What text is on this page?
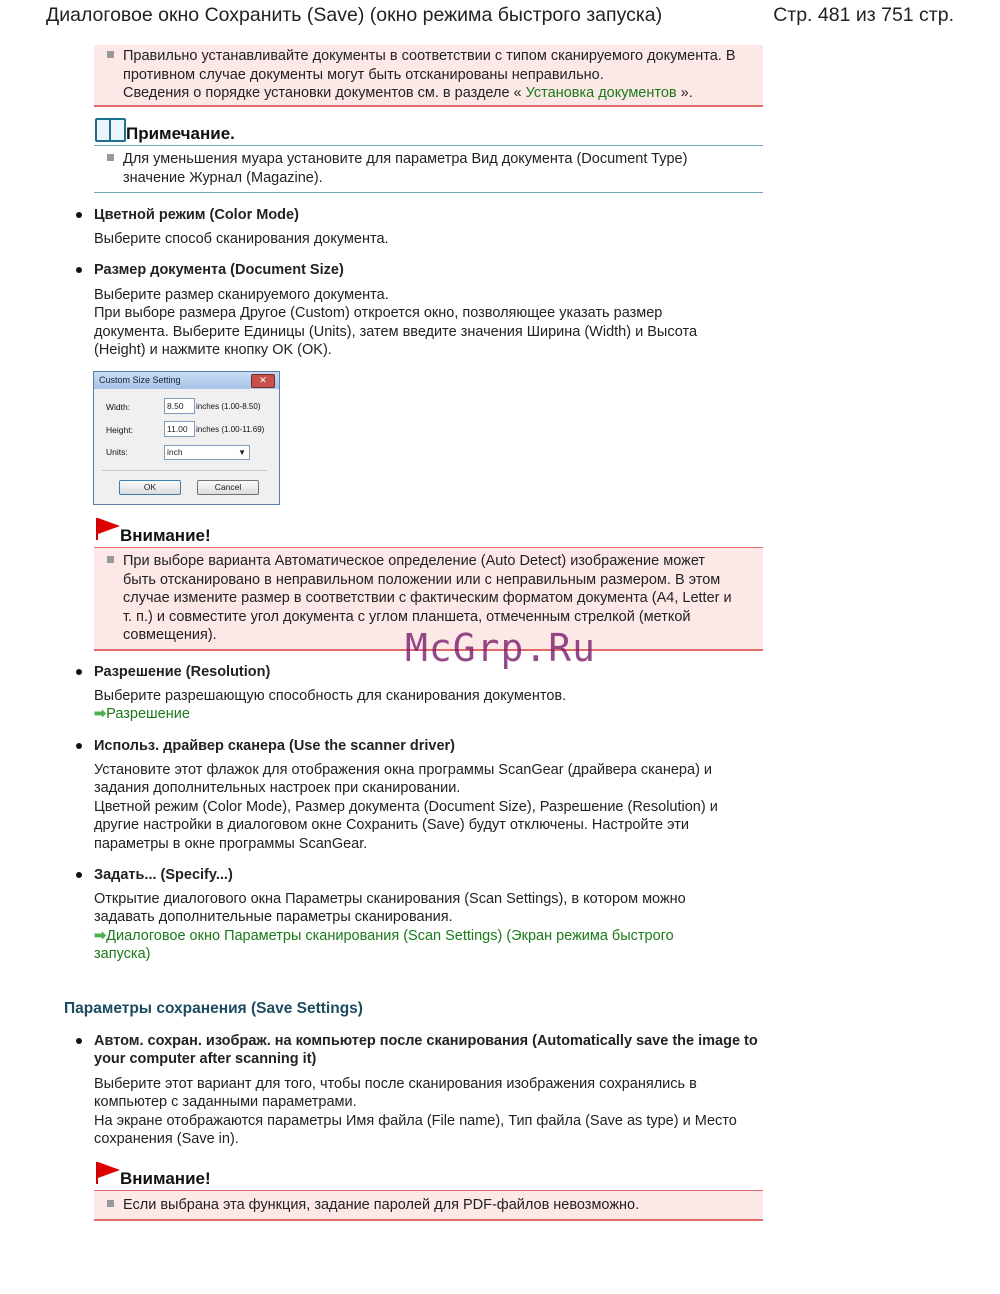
Диалоговое окно Сохранить (Save) (окно режима быстрого запуска)	Стр. 481 из 751 стр.
Правильно устанавливайте документы в соответствии с типом сканируемого документа. В
противном случае документы могут быть отсканированы неправильно.
Сведения о порядке установки документов см. в разделе « Установка документов ».
Примечание.
Для уменьшения муара установите для параметра Вид документа (Document Type)
значение Журнал (Magazine).
Цветной режим (Color Mode)
Выберите способ сканирования документа.
Размер документа (Document Size)
Выберите размер сканируемого документа.
При выборе размера Другое (Custom) откроется окно, позволяющее указать размер
документа. Выберите Единицы (Units), затем введите значения Ширина (Width) и Высота
(Height) и нажмите кнопку OK (OK).
Custom Size Setting	✕
Width:	8.50	inches (1.00-8.50)
Height:	11.00	inches (1.00-11.69)
Units:	inch	▼
OK	Cancel
Внимание!
При выборе варианта Автоматическое определение (Auto Detect) изображение может
быть отсканировано в неправильном положении или с неправильным размером. В этом
случае измените размер в соответствии с фактическим форматом документа (A4, Letter и
т. п.) и совместите угол документа с углом планшета, отмеченным стрелкой (меткой
совмещения).	McGrp.Ru
Разрешение (Resolution)
Выберите разрешающую способность для сканирования документов.
➡Разрешение
Использ. драйвер сканера (Use the scanner driver)
Установите этот флажок для отображения окна программы ScanGear (драйвера сканера) и
задания дополнительных настроек при сканировании.
Цветной режим (Color Mode), Размер документа (Document Size), Разрешение (Resolution) и
другие настройки в диалоговом окне Сохранить (Save) будут отключены. Настройте эти
параметры в окне программы ScanGear.
Задать... (Specify...)
Открытие диалогового окна Параметры сканирования (Scan Settings), в котором можно
задавать дополнительные параметры сканирования.
➡Диалоговое окно Параметры сканирования (Scan Settings) (Экран режима быстрого
запуска)
Параметры сохранения (Save Settings)
Автом. сохран. изображ. на компьютер после сканирования (Automatically save the image to
your computer after scanning it)
Выберите этот вариант для того, чтобы после сканирования изображения сохранялись в
компьютер с заданными параметрами.
На экране отображаются параметры Имя файла (File name), Тип файла (Save as type) и Место
сохранения (Save in).
Внимание!
Если выбрана эта функция, задание паролей для PDF-файлов невозможно.
